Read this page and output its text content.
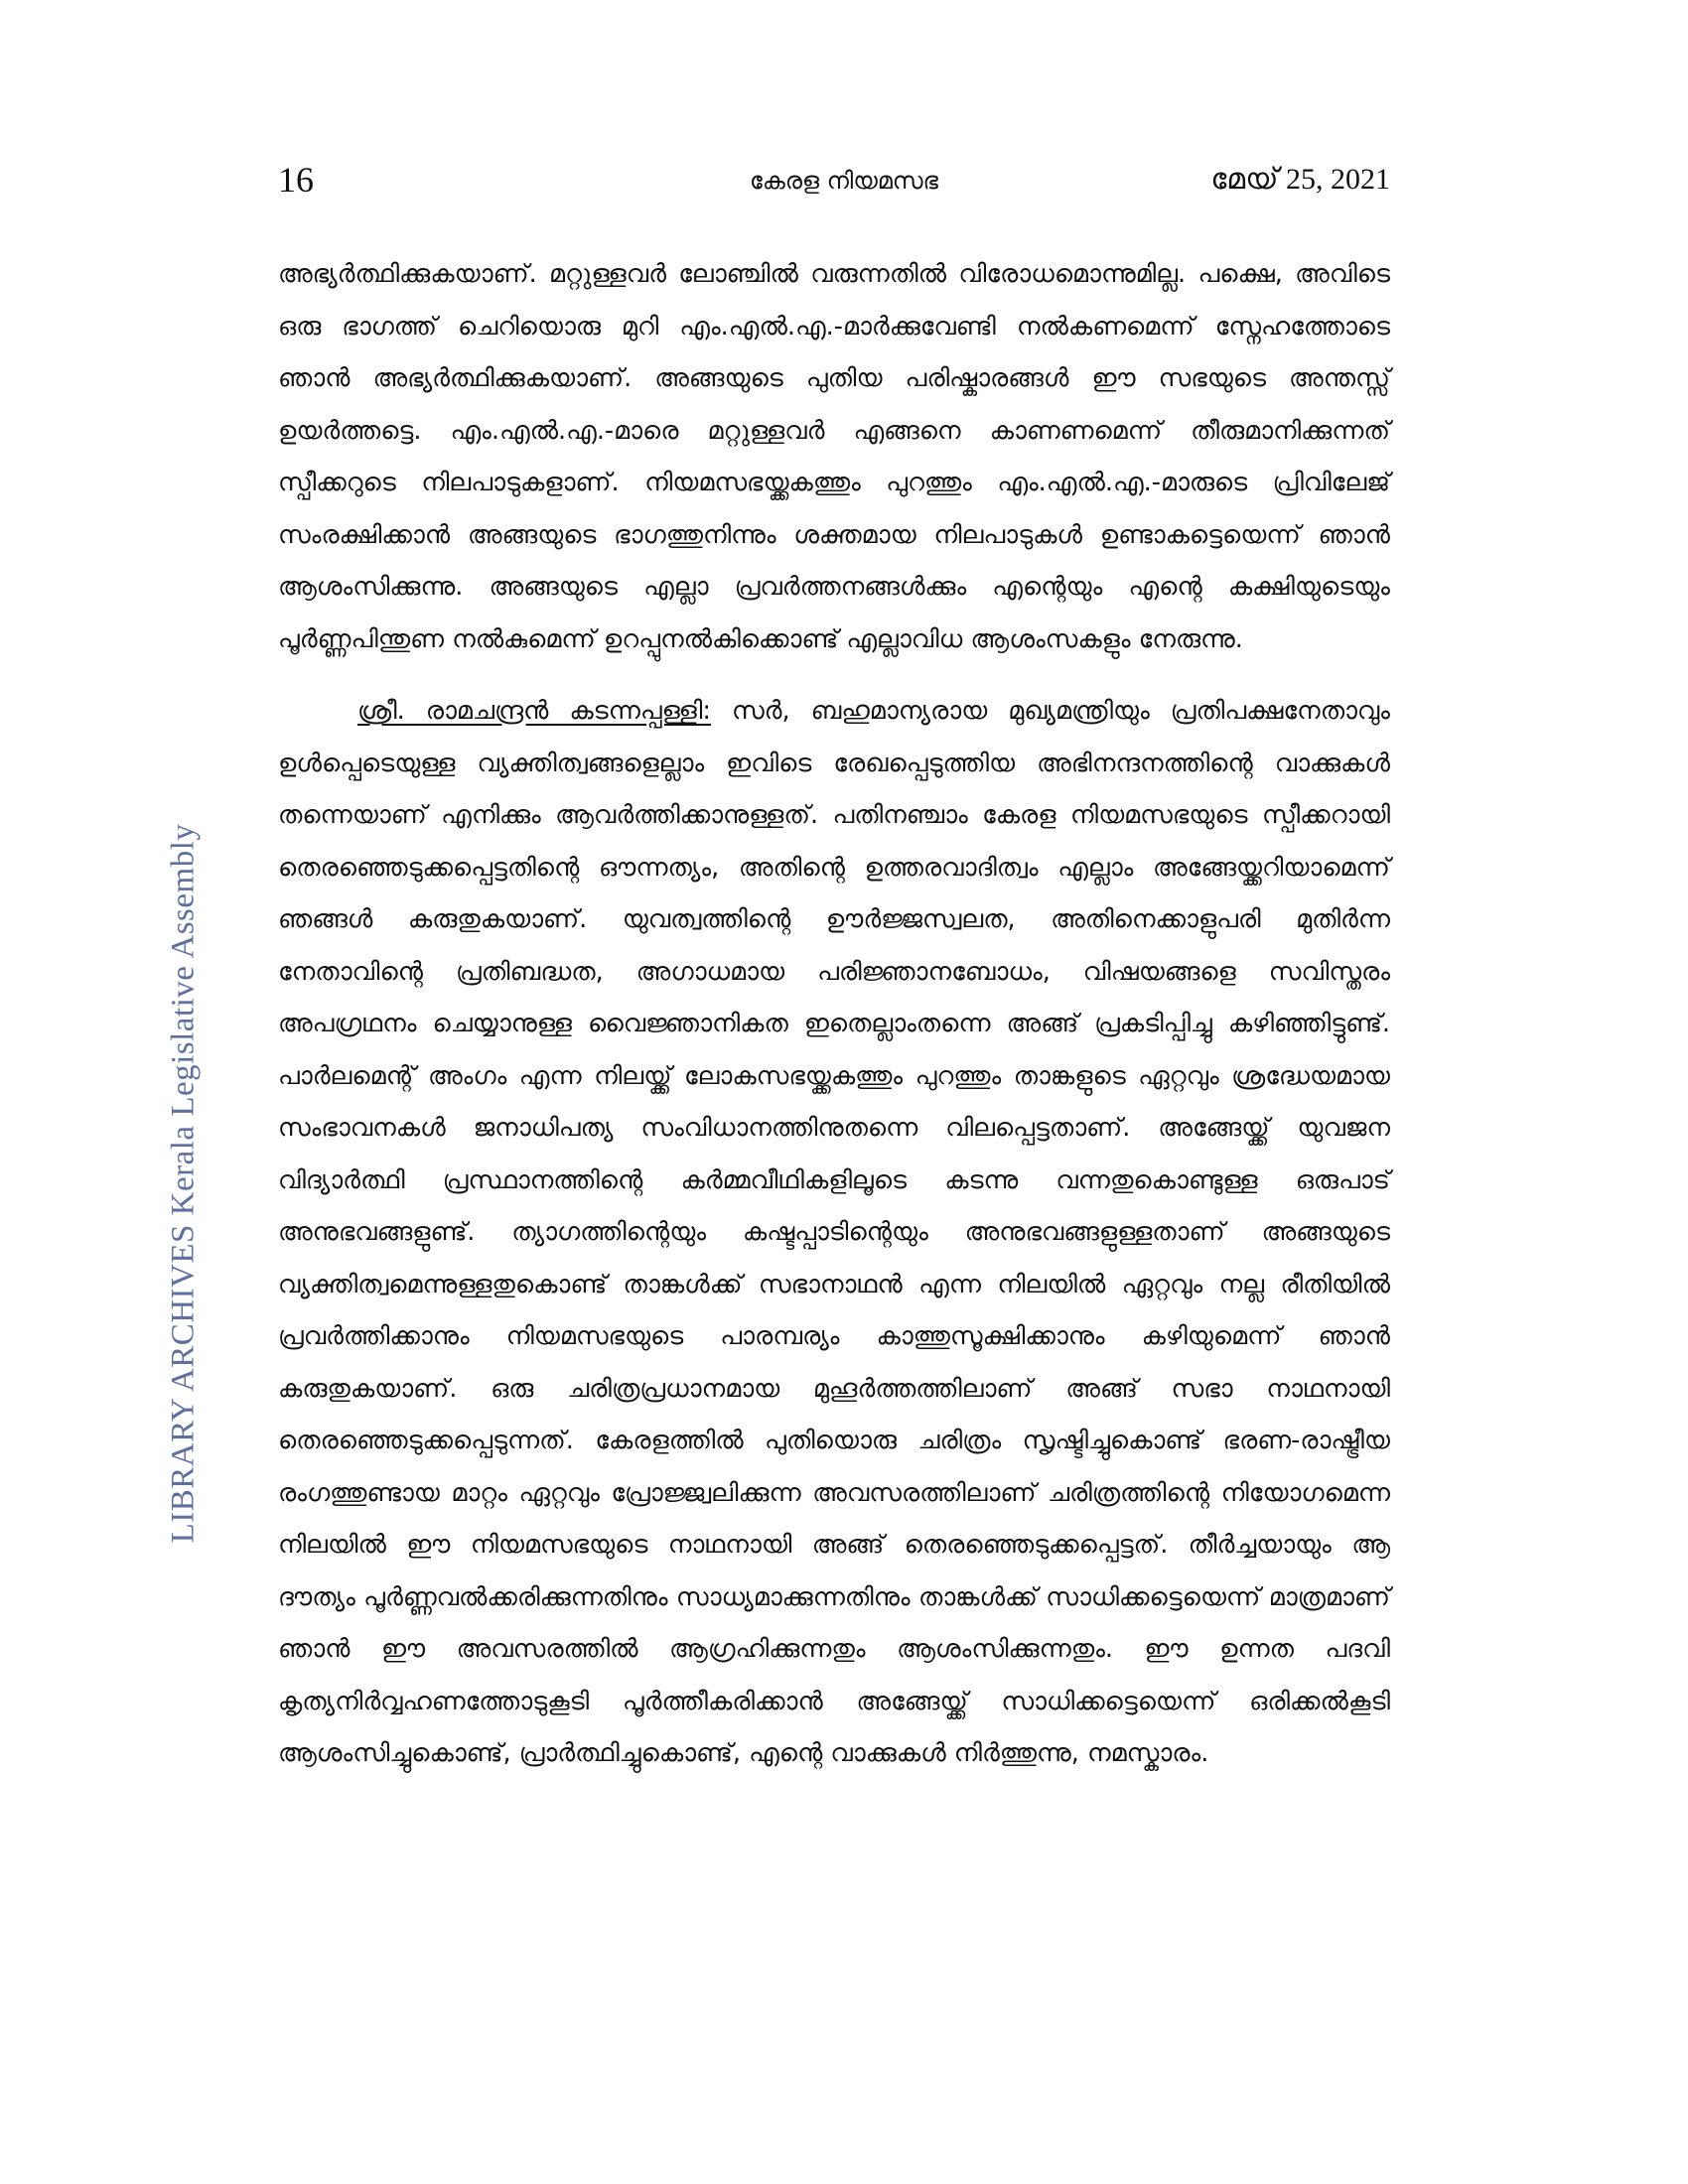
16	കേരള നിയമസഭ	മേയ് 25, 2021
LIBRARY ARCHIVES Kerala Legislative Assembly

അഭ്യർത്ഥിക്കുകയാണ്. മറ്റുള്ളവർ ലോഞ്ചിൽ വരുന്നതിൽ വിരോധമൊന്നുമില്ല. പക്ഷെ, അവിടെ ഒരു ഭാഗത്ത് ചെറിയൊരു മുറി എം.എൽ.എ.-മാർക്കുവേണ്ടി നൽകണമെന്ന് സ്നേഹത്തോടെ ഞാൻ അഭ്യർത്ഥിക്കുകയാണ്. അങ്ങയുടെ പുതിയ പരിഷ്കാരങ്ങൾ ഈ സഭയുടെ അന്തസ്സ് ഉയർത്തട്ടെ. എം.എൽ.എ.-മാരെ മറ്റുള്ളവർ എങ്ങനെ കാണണമെന്ന് തീരുമാനിക്കുന്നത് സ്പീക്കറുടെ നിലപാടുകളാണ്. നിയമസഭയ്ക്കകത്തും പുറത്തും എം.എൽ.എ.-മാരുടെ പ്രിവിലേജ് സംരക്ഷിക്കാൻ അങ്ങയുടെ ഭാഗത്തുനിന്നും ശക്തമായ നിലപാടുകൾ ഉണ്ടാകട്ടെയെന്ന് ഞാൻ ആശംസിക്കുന്നു. അങ്ങയുടെ എല്ലാ പ്രവർത്തനങ്ങൾക്കും എന്റെയും എന്റെ കക്ഷിയുടെയും പൂർണ്ണപിന്തുണ നൽകുമെന്ന് ഉറപ്പുനൽകിക്കൊണ്ട് എല്ലാവിധ ആശംസകളും നേരുന്നു.

ശ്രീ. രാമചന്ദ്രൻ കടന്നപ്പള്ളി: സർ, ബഹുമാന്യരായ മുഖ്യമന്ത്രിയും പ്രതിപക്ഷനേതാവും ഉൾപ്പെടെയുള്ള വ്യക്തിത്വങ്ങളെല്ലാം ഇവിടെ രേഖപ്പെടുത്തിയ അഭിനന്ദനത്തിന്റെ വാക്കുകൾ തന്നെയാണ് എനിക്കും ആവർത്തിക്കാനുള്ളത്. പതിനഞ്ചാം കേരള നിയമസഭയുടെ സ്പീക്കറായി തെരഞ്ഞെടുക്കപ്പെട്ടതിന്റെ ഔന്നത്യം, അതിന്റെ ഉത്തരവാദിത്വം എല്ലാം അങ്ങേയ്ക്കറിയാമെന്ന് ഞങ്ങൾ കരുതുകയാണ്. യുവത്വത്തിന്റെ ഊർജ്ജസ്വലത, അതിനെക്കാളുപരി മുതിർന്ന നേതാവിന്റെ പ്രതിബദ്ധത, അഗാധമായ പരിജ്ഞാനബോധം, വിഷയങ്ങളെ സവിസ്തരം അപഗ്രഥനം ചെയ്യാനുള്ള വൈജ്ഞാനികത ഇതെല്ലാംതന്നെ അങ്ങ് പ്രകടിപ്പിച്ചു കഴിഞ്ഞിട്ടുണ്ട്. പാർലമെന്റ് അംഗം എന്ന നിലയ്ക്ക് ലോകസഭയ്ക്കകത്തും പുറത്തും താങ്കളുടെ ഏറ്റവും ശ്രദ്ധേയമായ സംഭാവനകൾ ജനാധിപത്യ സംവിധാനത്തിനുതന്നെ വിലപ്പെട്ടതാണ്. അങ്ങേയ്ക്ക് യുവജന വിദ്യാർത്ഥി പ്രസ്ഥാനത്തിന്റെ കർമ്മവീഥികളിലൂടെ കടന്നു വന്നതുകൊണ്ടുള്ള ഒരുപാട് അനുഭവങ്ങളുണ്ട്. ത്യാഗത്തിന്റെയും കഷ്ടപ്പാടിന്റെയും അനുഭവങ്ങളുള്ളതാണ് അങ്ങയുടെ വ്യക്തിത്വമെന്നുള്ളതുകൊണ്ട് താങ്കൾക്ക് സഭാനാഥൻ എന്ന നിലയിൽ ഏറ്റവും നല്ല രീതിയിൽ പ്രവർത്തിക്കാനും നിയമസഭയുടെ പാരമ്പര്യം കാത്തുസൂക്ഷിക്കാനും കഴിയുമെന്ന് ഞാൻ കരുതുകയാണ്. ഒരു ചരിത്രപ്രധാനമായ മുഹൂർത്തത്തിലാണ് അങ്ങ് സഭാ നാഥനായി തെരഞ്ഞെടുക്കപ്പെടുന്നത്. കേരളത്തിൽ പുതിയൊരു ചരിത്രം സൃഷ്ടിച്ചുകൊണ്ട് ഭരണ-രാഷ്ട്രീയ രംഗത്തുണ്ടായ മാറ്റം ഏറ്റവും പ്രോജ്ജ്വലിക്കുന്ന അവസരത്തിലാണ് ചരിത്രത്തിന്റെ നിയോഗമെന്ന നിലയിൽ ഈ നിയമസഭയുടെ നാഥനായി അങ്ങ് തെരഞ്ഞെടുക്കപ്പെട്ടത്. തീർച്ചയായും ആ ദൗത്യം പൂർണ്ണവൽക്കരിക്കുന്നതിനും സാധ്യമാക്കുന്നതിനും താങ്കൾക്ക് സാധിക്കട്ടെയെന്ന് മാത്രമാണ് ഞാൻ ഈ അവസരത്തിൽ ആഗ്രഹിക്കുന്നതും ആശംസിക്കുന്നതും. ഈ ഉന്നത പദവി കൃത്യനിർവ്വഹണത്തോടുകൂടി പൂർത്തീകരിക്കാൻ അങ്ങേയ്ക്ക് സാധിക്കട്ടെയെന്ന് ഒരിക്കൽകൂടി ആശംസിച്ചുകൊണ്ട്, പ്രാർത്ഥിച്ചുകൊണ്ട്, എന്റെ വാക്കുകൾ നിർത്തുന്നു, നമസ്കാരം.
